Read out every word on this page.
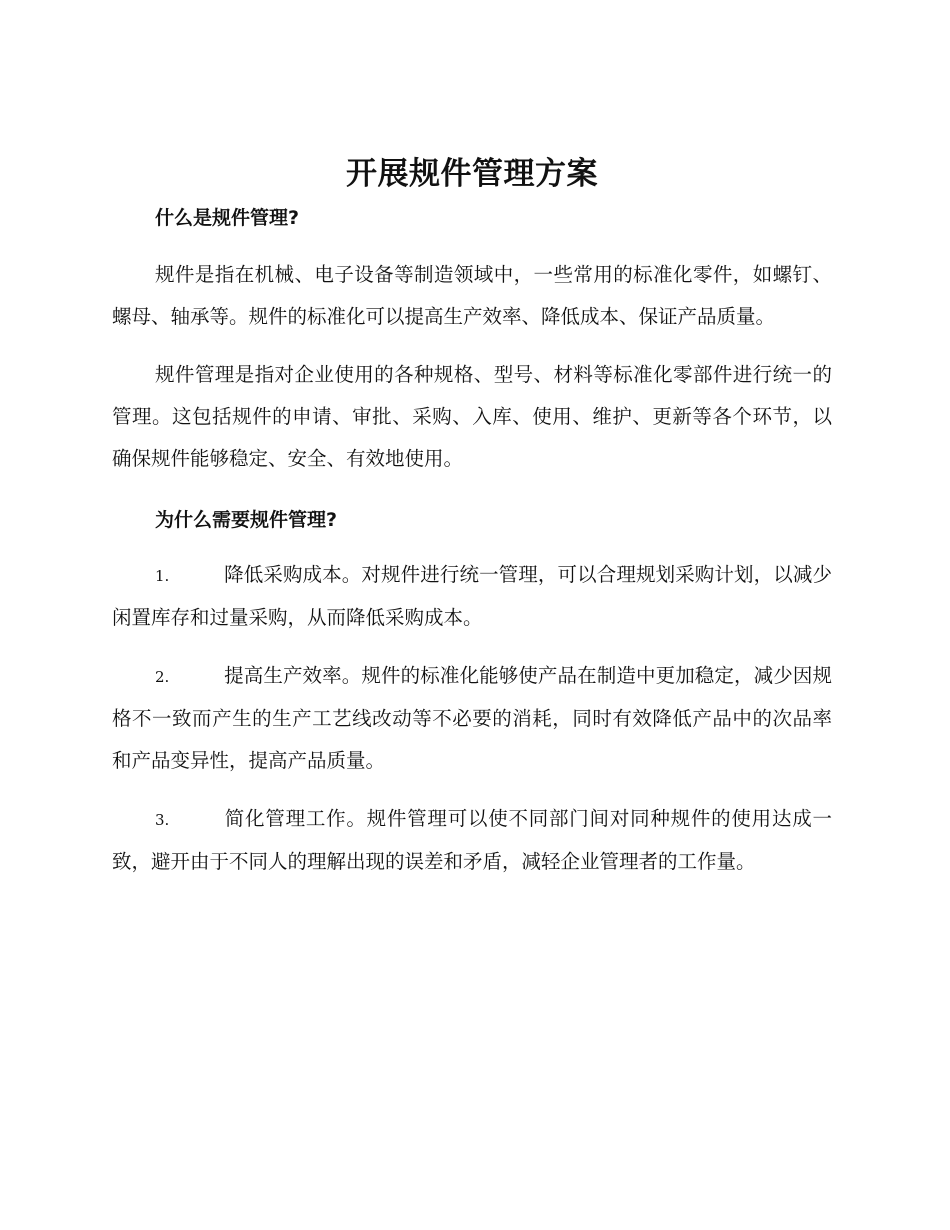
开展规件管理方案
什么是规件管理?

规件是指在机械、电子设备等制造领域中，一些常用的标准化零件，如螺钉、螺母、轴承等。规件的标准化可以提高生产效率、降低成本、保证产品质量。

规件管理是指对企业使用的各种规格、型号、材料等标准化零部件进行统一的管理。这包括规件的申请、审批、采购、入库、使用、维护、更新等各个环节，以确保规件能够稳定、安全、有效地使用。

为什么需要规件管理?

1.	降低采购成本。对规件进行统一管理，可以合理规划采购计划，以减少闲置库存和过量采购，从而降低采购成本。

2.	提高生产效率。规件的标准化能够使产品在制造中更加稳定，减少因规格不一致而产生的生产工艺线改动等不必要的消耗，同时有效降低产品中的次品率和产品变异性，提高产品质量。

3.	简化管理工作。规件管理可以使不同部门间对同种规件的使用达成一致，避开由于不同人的理解出现的误差和矛盾，减轻企业管理者的工作量。
